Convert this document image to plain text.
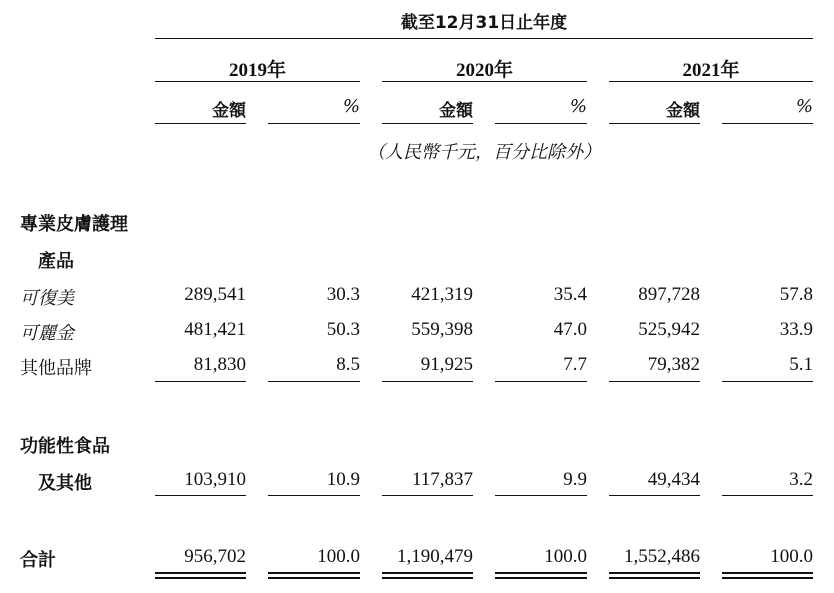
截至12月31日止年度
2019年	2020年	2021年
金額	%	金額	%	金額	%
（人民幣千元，百分比除外）
專業皮膚護理
產品
可復美	289,541	30.3	421,319	35.4	897,728	57.8
可麗金	481,421	50.3	559,398	47.0	525,942	33.9
其他品牌	81,830	8.5	91,925	7.7	79,382	5.1
功能性食品
及其他	103,910	10.9	117,837	9.9	49,434	3.2
合計	956,702	100.0	1,190,479	100.0	1,552,486	100.0
